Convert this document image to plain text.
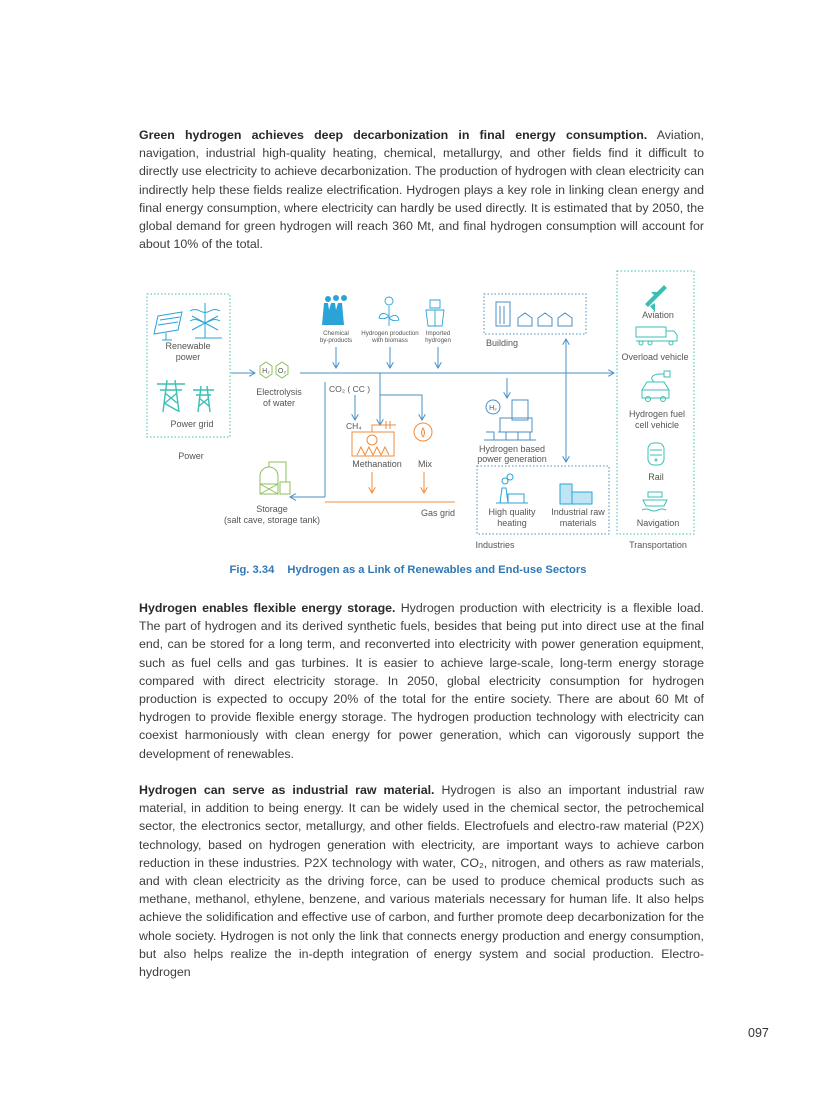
Green hydrogen achieves deep decarbonization in final energy consumption. Aviation, navigation, industrial high-quality heating, chemical, metallurgy, and other fields find it difficult to directly use electricity to achieve decarbonization. The production of hydrogen with clean electricity can indirectly help these fields realize electrification. Hydrogen plays a key role in linking clean energy and final energy consumption, where electricity can hardly be used directly. It is estimated that by 2050, the global demand for green hydrogen will reach 360 Mt, and final hydrogen consumption will account for about 10% of the total.

Renewable
power
Power grid
Power
H₂ O₂
Electrolysis
of water
Chemical
by-products
Hydrogen production
with biomass
Imported
hydrogen
CO₂ ( CC )
CH₄
Methanation Mix
Gas grid
Storage
(salt cave, storage tank)
Building
H₂
Hydrogen based
power generation
High quality
heating
Industrial raw
materials
Industries
Aviation
Overload vehicle
Hydrogen fuel
cell vehicle
Rail
Navigation
Transportation
Fig. 3.34 Hydrogen as a Link of Renewables and End-use Sectors

Hydrogen enables flexible energy storage. Hydrogen production with electricity is a flexible load. The part of hydrogen and its derived synthetic fuels, besides that being put into direct use at the final end, can be stored for a long term, and reconverted into electricity with power generation equipment, such as fuel cells and gas turbines. It is easier to achieve large-scale, long-term energy storage compared with direct electricity storage. In 2050, global electricity consumption for hydrogen production is expected to occupy 20% of the total for the entire society. There are about 60 Mt of hydrogen to provide flexible energy storage. The hydrogen production technology with electricity can coexist harmoniously with clean energy for power generation, which can vigorously support the development of renewables.

Hydrogen can serve as industrial raw material. Hydrogen is also an important industrial raw material, in addition to being energy. It can be widely used in the chemical sector, the petrochemical sector, the electronics sector, metallurgy, and other fields. Electrofuels and electro-raw material (P2X) technology, based on hydrogen generation with electricity, are important ways to achieve carbon reduction in these industries. P2X technology with water, CO₂, nitrogen, and others as raw materials, and with clean electricity as the driving force, can be used to produce chemical products such as methane, methanol, ethylene, benzene, and various materials necessary for human life. It also helps achieve the solidification and effective use of carbon, and further promote deep decarbonization for the whole society. Hydrogen is not only the link that connects energy production and energy consumption, but also helps realize the in-depth integration of energy system and social production. Electro-hydrogen

097
